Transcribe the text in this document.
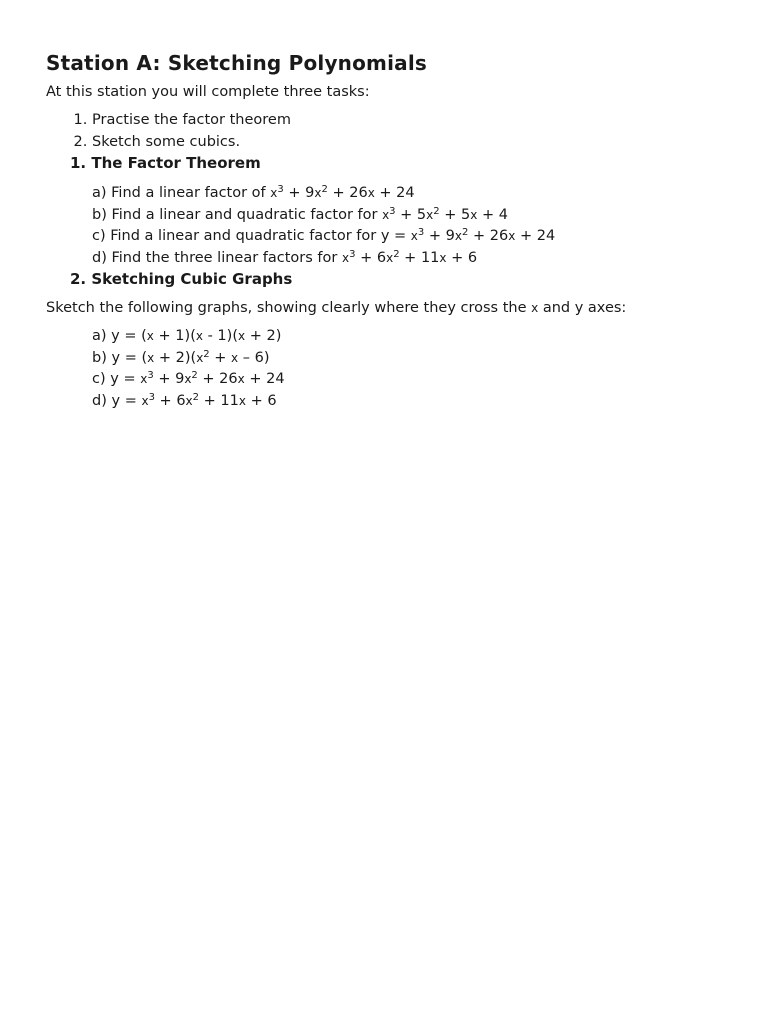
Station A: Sketching Polynomials

At this station you will complete three tasks:

1. Practise the factor theorem
2. Sketch some cubics.
1. The Factor Theorem
a) Find a linear factor of $x^3 + 9x^2 + 26x + 24$
b) Find a linear and quadratic factor for $x^3 + 5x^2 + 5x + 4$
c) Find a linear and quadratic factor for $y = x^3 + 9x^2 + 26x + 24$
d) Find the three linear factors for $x^3 + 6x^2 + 11x + 6$
2. Sketching Cubic Graphs

Sketch the following graphs, showing clearly where they cross the x and y axes:

a) y = (x + 1)(x - 1)(x + 2)
b) $y = (x + 2)(x^2 + x - 6)$
c) $y = x^3 + 9x^2 + 26x + 24$
d) $y = x^3 + 6x^2 + 11x + 6$
